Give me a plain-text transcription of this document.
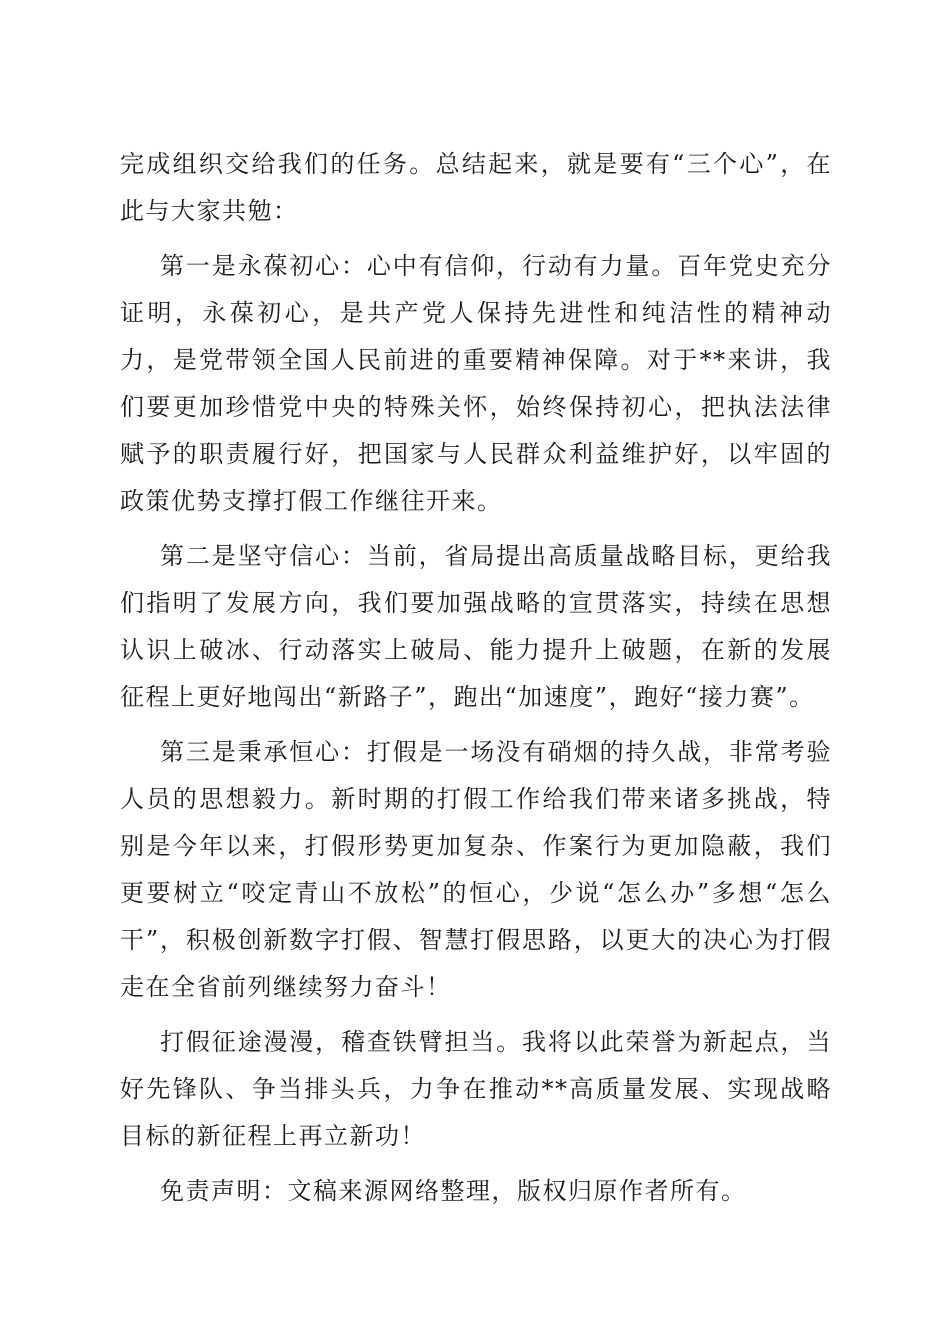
完成组织交给我们的任务。总结起来，就是要有“三个心”，在此与大家共勉：

第一是永葆初心：心中有信仰，行动有力量。百年党史充分证明，永葆初心，是共产党人保持先进性和纯洁性的精神动力，是党带领全国人民前进的重要精神保障。对于**来讲，我们要更加珍惜党中央的特殊关怀，始终保持初心，把执法法律赋予的职责履行好，把国家与人民群众利益维护好，以牢固的政策优势支撑打假工作继往开来。

第二是坚守信心：当前，省局提出高质量战略目标，更给我们指明了发展方向，我们要加强战略的宣贯落实，持续在思想认识上破冰、行动落实上破局、能力提升上破题，在新的发展征程上更好地闯出“新路子”，跑出“加速度”，跑好“接力赛”。

第三是秉承恒心：打假是一场没有硝烟的持久战，非常考验人员的思想毅力。新时期的打假工作给我们带来诸多挑战，特别是今年以来，打假形势更加复杂、作案行为更加隐蔽，我们更要树立“咬定青山不放松”的恒心，少说“怎么办”多想“怎么干”，积极创新数字打假、智慧打假思路，以更大的决心为打假走在全省前列继续努力奋斗！

打假征途漫漫，稽查铁臂担当。我将以此荣誉为新起点，当好先锋队、争当排头兵，力争在推动**高质量发展、实现战略目标的新征程上再立新功！

免责声明：文稿来源网络整理，版权归原作者所有。
